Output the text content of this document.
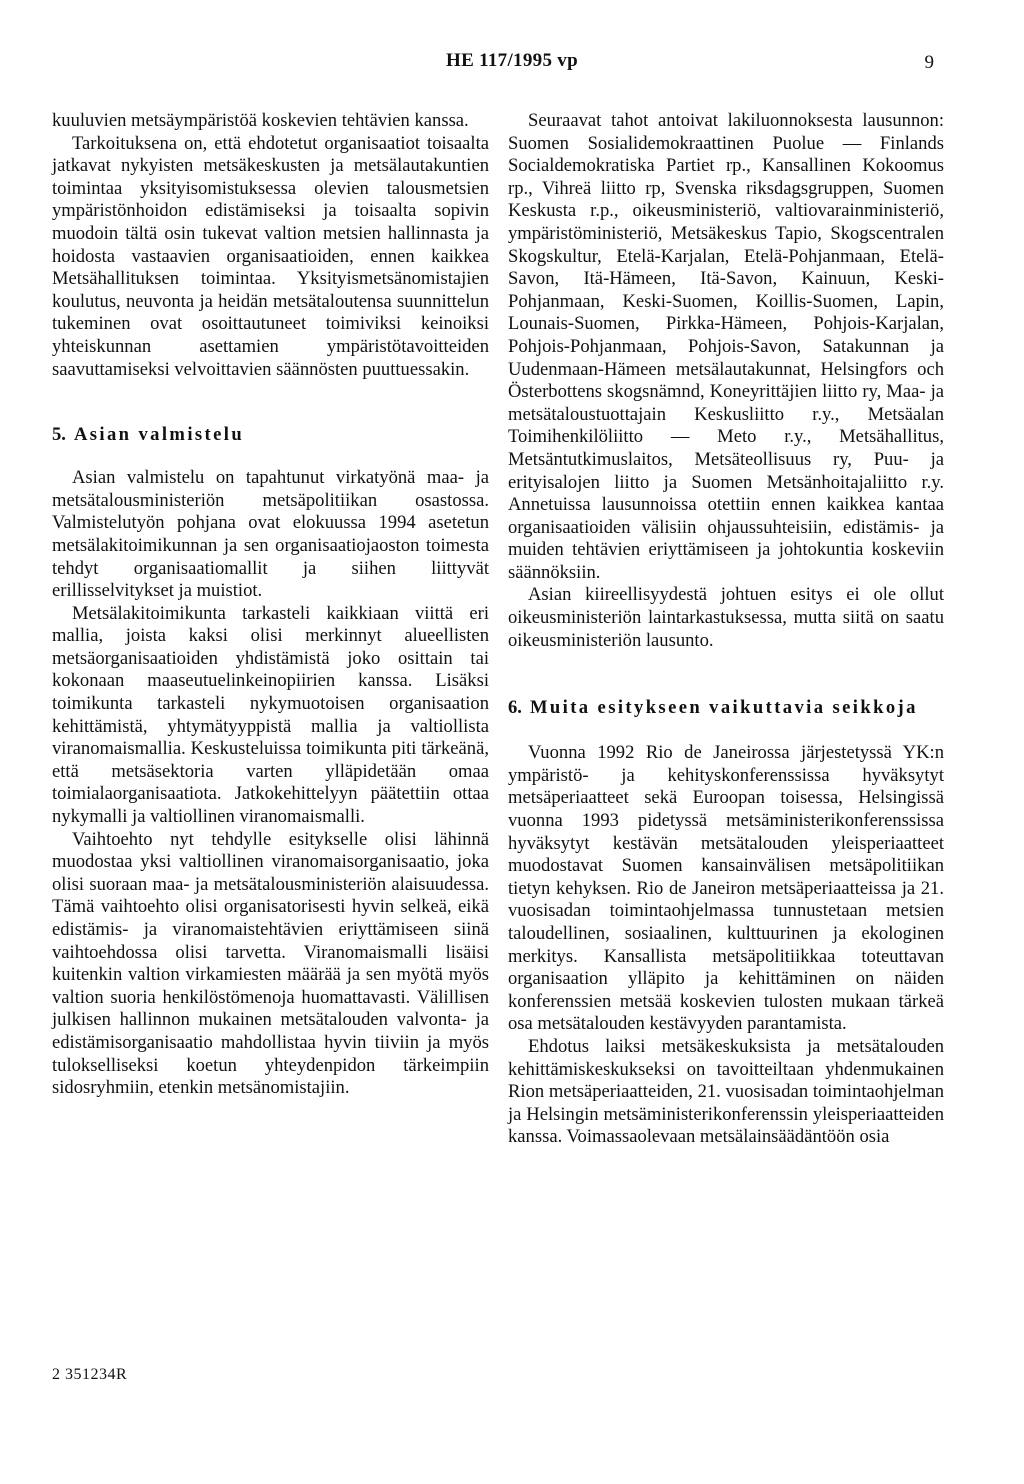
HE 117/1995 vp	9

kuuluvien metsäympäristöä koskevien tehtävien kanssa.

Tarkoituksena on, että ehdotetut organisaatiot toisaalta jatkavat nykyisten metsäkeskusten ja metsälautakuntien toimintaa yksityisomistuksessa olevien talousmetsien ympäristönhoidon edistämiseksi ja toisaalta sopivin muodoin tältä osin tukevat valtion metsien hallinnasta ja hoidosta vastaavien organisaatioiden, ennen kaikkea Metsähallituksen toimintaa. Yksityismetsänomistajien koulutus, neuvonta ja heidän metsätaloutensa suunnittelun tukeminen ovat osoittautuneet toimiviksi keinoiksi yhteiskunnan asettamien ympäristötavoitteiden saavuttamiseksi velvoittavien säännösten puuttuessakin.

5. Asian valmistelu

Asian valmistelu on tapahtunut virkatyönä maa- ja metsätalousministeriön metsäpolitiikan osastossa. Valmistelutyön pohjana ovat elokuussa 1994 asetetun metsälakitoimikunnan ja sen organisaatiojaoston toimesta tehdyt organisaatiomallit ja siihen liittyvät erillisselvitykset ja muistiot.

Metsälakitoimikunta tarkasteli kaikkiaan viittä eri mallia, joista kaksi olisi merkinnyt alueellisten metsäorganisaatioiden yhdistämistä joko osittain tai kokonaan maaseutuelinkeinopiirien kanssa. Lisäksi toimikunta tarkasteli nykymuotoisen organisaation kehittämistä, yhtymätyyppistä mallia ja valtiollista viranomaismallia. Keskusteluissa toimikunta piti tärkeänä, että metsäsektoria varten ylläpidetään omaa toimialaorganisaatiota. Jatkokehittelyyn päätettiin ottaa nykymalli ja valtiollinen viranomaismalli.

Vaihtoehto nyt tehdylle esitykselle olisi lähinnä muodostaa yksi valtiollinen viranomaisorganisaatio, joka olisi suoraan maa- ja metsätalousministeriön alaisuudessa. Tämä vaihtoehto olisi organisatorisesti hyvin selkeä, eikä edistämis- ja viranomaistehtävien eriyttämiseen siinä vaihtoehdossa olisi tarvetta. Viranomaismalli lisäisi kuitenkin valtion virkamiesten määrää ja sen myötä myös valtion suoria henkilöstömenoja huomattavasti. Välillisen julkisen hallinnon mukainen metsätalouden valvonta- ja edistämisorganisaatio mahdollistaa hyvin tiiviin ja myös tulokselliseksi koetun yhteydenpidon tärkeimpiin sidosryhmiin, etenkin metsänomistajiin.

Seuraavat tahot antoivat lakiluonnoksesta lausunnon: Suomen Sosialidemokraattinen Puolue — Finlands Socialdemokratiska Partiet rp., Kansallinen Kokoomus rp., Vihreä liitto rp, Svenska riksdagsgruppen, Suomen Keskusta r.p., oikeusministeriö, valtiovarainministeriö, ympäristöministeriö, Metsäkeskus Tapio, Skogscentralen Skogskultur, Etelä-Karjalan, Etelä-Pohjanmaan, Etelä-Savon, Itä-Hämeen, Itä-Savon, Kainuun, Keski-Pohjanmaan, Keski-Suomen, Koillis-Suomen, Lapin, Lounais-Suomen, Pirkka-Hämeen, Pohjois-Karjalan, Pohjois-Pohjanmaan, Pohjois-Savon, Satakunnan ja Uudenmaan-Hämeen metsälautakunnat, Helsingfors och Österbottens skogsnämnd, Koneyrittäjien liitto ry, Maa- ja metsätaloustuottajain Keskusliitto r.y., Metsäalan Toimihenkilöliitto — Meto r.y., Metsähallitus, Metsäntutkimuslaitos, Metsäteollisuus ry, Puu- ja erityisalojen liitto ja Suomen Metsänhoitajaliitto r.y. Annetuissa lausunnoissa otettiin ennen kaikkea kantaa organisaatioiden välisiin ohjaussuhteisiin, edistämis- ja muiden tehtävien eriyttämiseen ja johtokuntia koskeviin säännöksiin.

Asian kiireellisyydestä johtuen esitys ei ole ollut oikeusministeriön laintarkastuksessa, mutta siitä on saatu oikeusministeriön lausunto.

6. Muita esitykseen vaikuttavia seikkoja

Vuonna 1992 Rio de Janeirossa järjestetyssä YK:n ympäristö- ja kehityskonferenssissa hyväksytyt metsäperiaatteet sekä Euroopan toisessa, Helsingissä vuonna 1993 pidetyssä metsäministerikonferenssissa hyväksytyt kestävän metsätalouden yleisperiaatteet muodostavat Suomen kansainvälisen metsäpolitiikan tietyn kehyksen. Rio de Janeiron metsäperiaatteissa ja 21. vuosisadan toimintaohjelmassa tunnustetaan metsien taloudellinen, sosiaalinen, kulttuurinen ja ekologinen merkitys. Kansallista metsäpolitiikkaa toteuttavan organisaation ylläpito ja kehittäminen on näiden konferenssien metsää koskevien tulosten mukaan tärkeä osa metsätalouden kestävyyden parantamista.

Ehdotus laiksi metsäkeskuksista ja metsätalouden kehittämiskeskukseksi on tavoitteiltaan yhdenmukainen Rion metsäperiaatteiden, 21. vuosisadan toimintaohjelman ja Helsingin metsäministerikonferenssin yleisperiaatteiden kanssa. Voimassaolevaan metsälainsäädäntöön osia

2 351234R
